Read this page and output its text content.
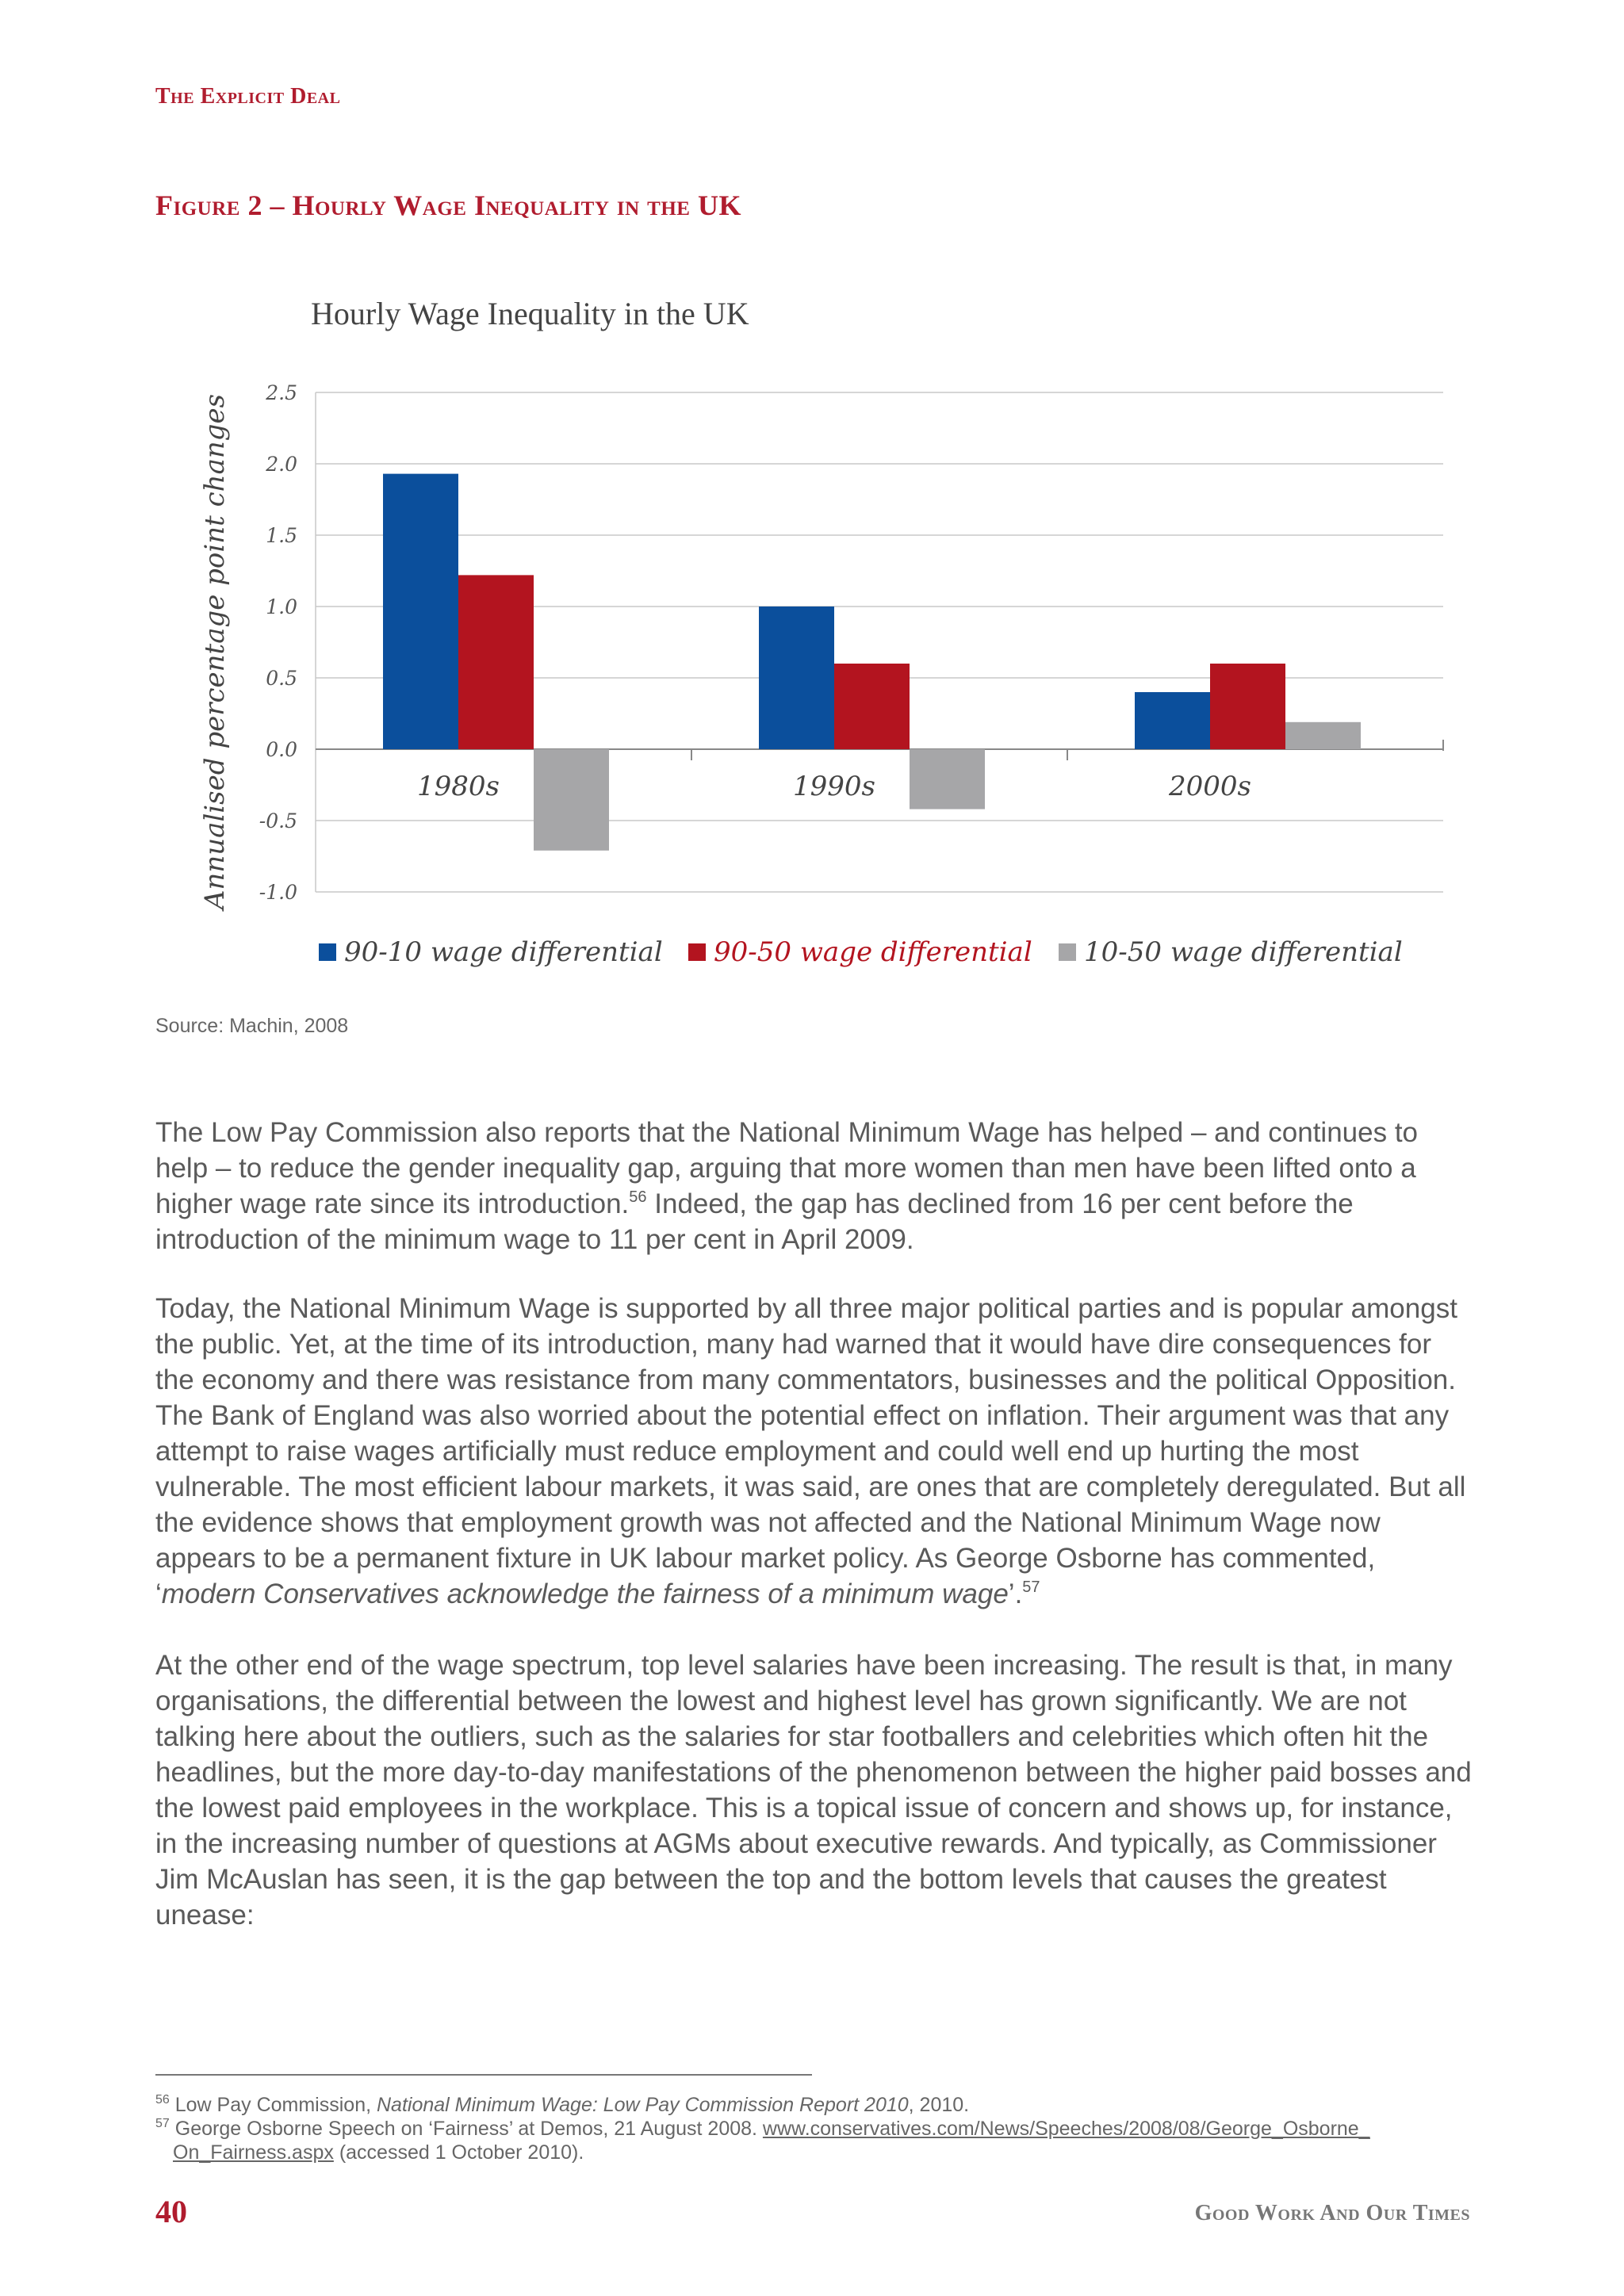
The Explicit Deal
Figure 2 – Hourly Wage Inequality in the UK
Hourly Wage Inequality in the UK
2.5
2.0
1.5
1.0
0.5
0.0
-0.5
-1.0
Annualised percentage point changes	1980s	1990s	2000s
90-10 wage differential 90-50 wage differential 10-50 wage differential
Source: Machin, 2008
The Low Pay Commission also reports that the National Minimum Wage has helped – and continues to help – to reduce the gender inequality gap, arguing that more women than men have been lifted onto a higher wage rate since its introduction.$^{56}$ Indeed, the gap has declined from 16 per cent before the introduction of the minimum wage to 11 per cent in April 2009.
Today, the National Minimum Wage is supported by all three major political parties and is popular amongst the public. Yet, at the time of its introduction, many had warned that it would have dire consequences for the economy and there was resistance from many commentators, businesses and the political Opposition. The Bank of England was also worried about the potential effect on inflation. Their argument was that any attempt to raise wages artificially must reduce employment and could well end up hurting the most vulnerable. The most efficient labour markets, it was said, are ones that are completely deregulated. But all the evidence shows that employment growth was not affected and the National Minimum Wage now appears to be a permanent fixture in UK labour market policy. As George Osborne has commented, ‘modern Conservatives acknowledge the fairness of a minimum wage’.$^{57}$
At the other end of the wage spectrum, top level salaries have been increasing. The result is that, in many organisations, the differential between the lowest and highest level has grown significantly. We are not talking here about the outliers, such as the salaries for star footballers and celebrities which often hit the headlines, but the more day-to-day manifestations of the phenomenon between the higher paid bosses and the lowest paid employees in the workplace. This is a topical issue of concern and shows up, for instance, in the increasing number of questions at AGMs about executive rewards. And typically, as Commissioner Jim McAuslan has seen, it is the gap between the top and the bottom levels that causes the greatest unease:
$^{56}$ Low Pay Commission, National Minimum Wage: Low Pay Commission Report 2010, 2010.
$^{57}$ George Osborne Speech on ‘Fairness’ at Demos, 21 August 2008. www.conservatives.com/News/Speeches/2008/08/George_Osborne_
On_Fairness.aspx (accessed 1 October 2010).
40	Good Work And Our Times
